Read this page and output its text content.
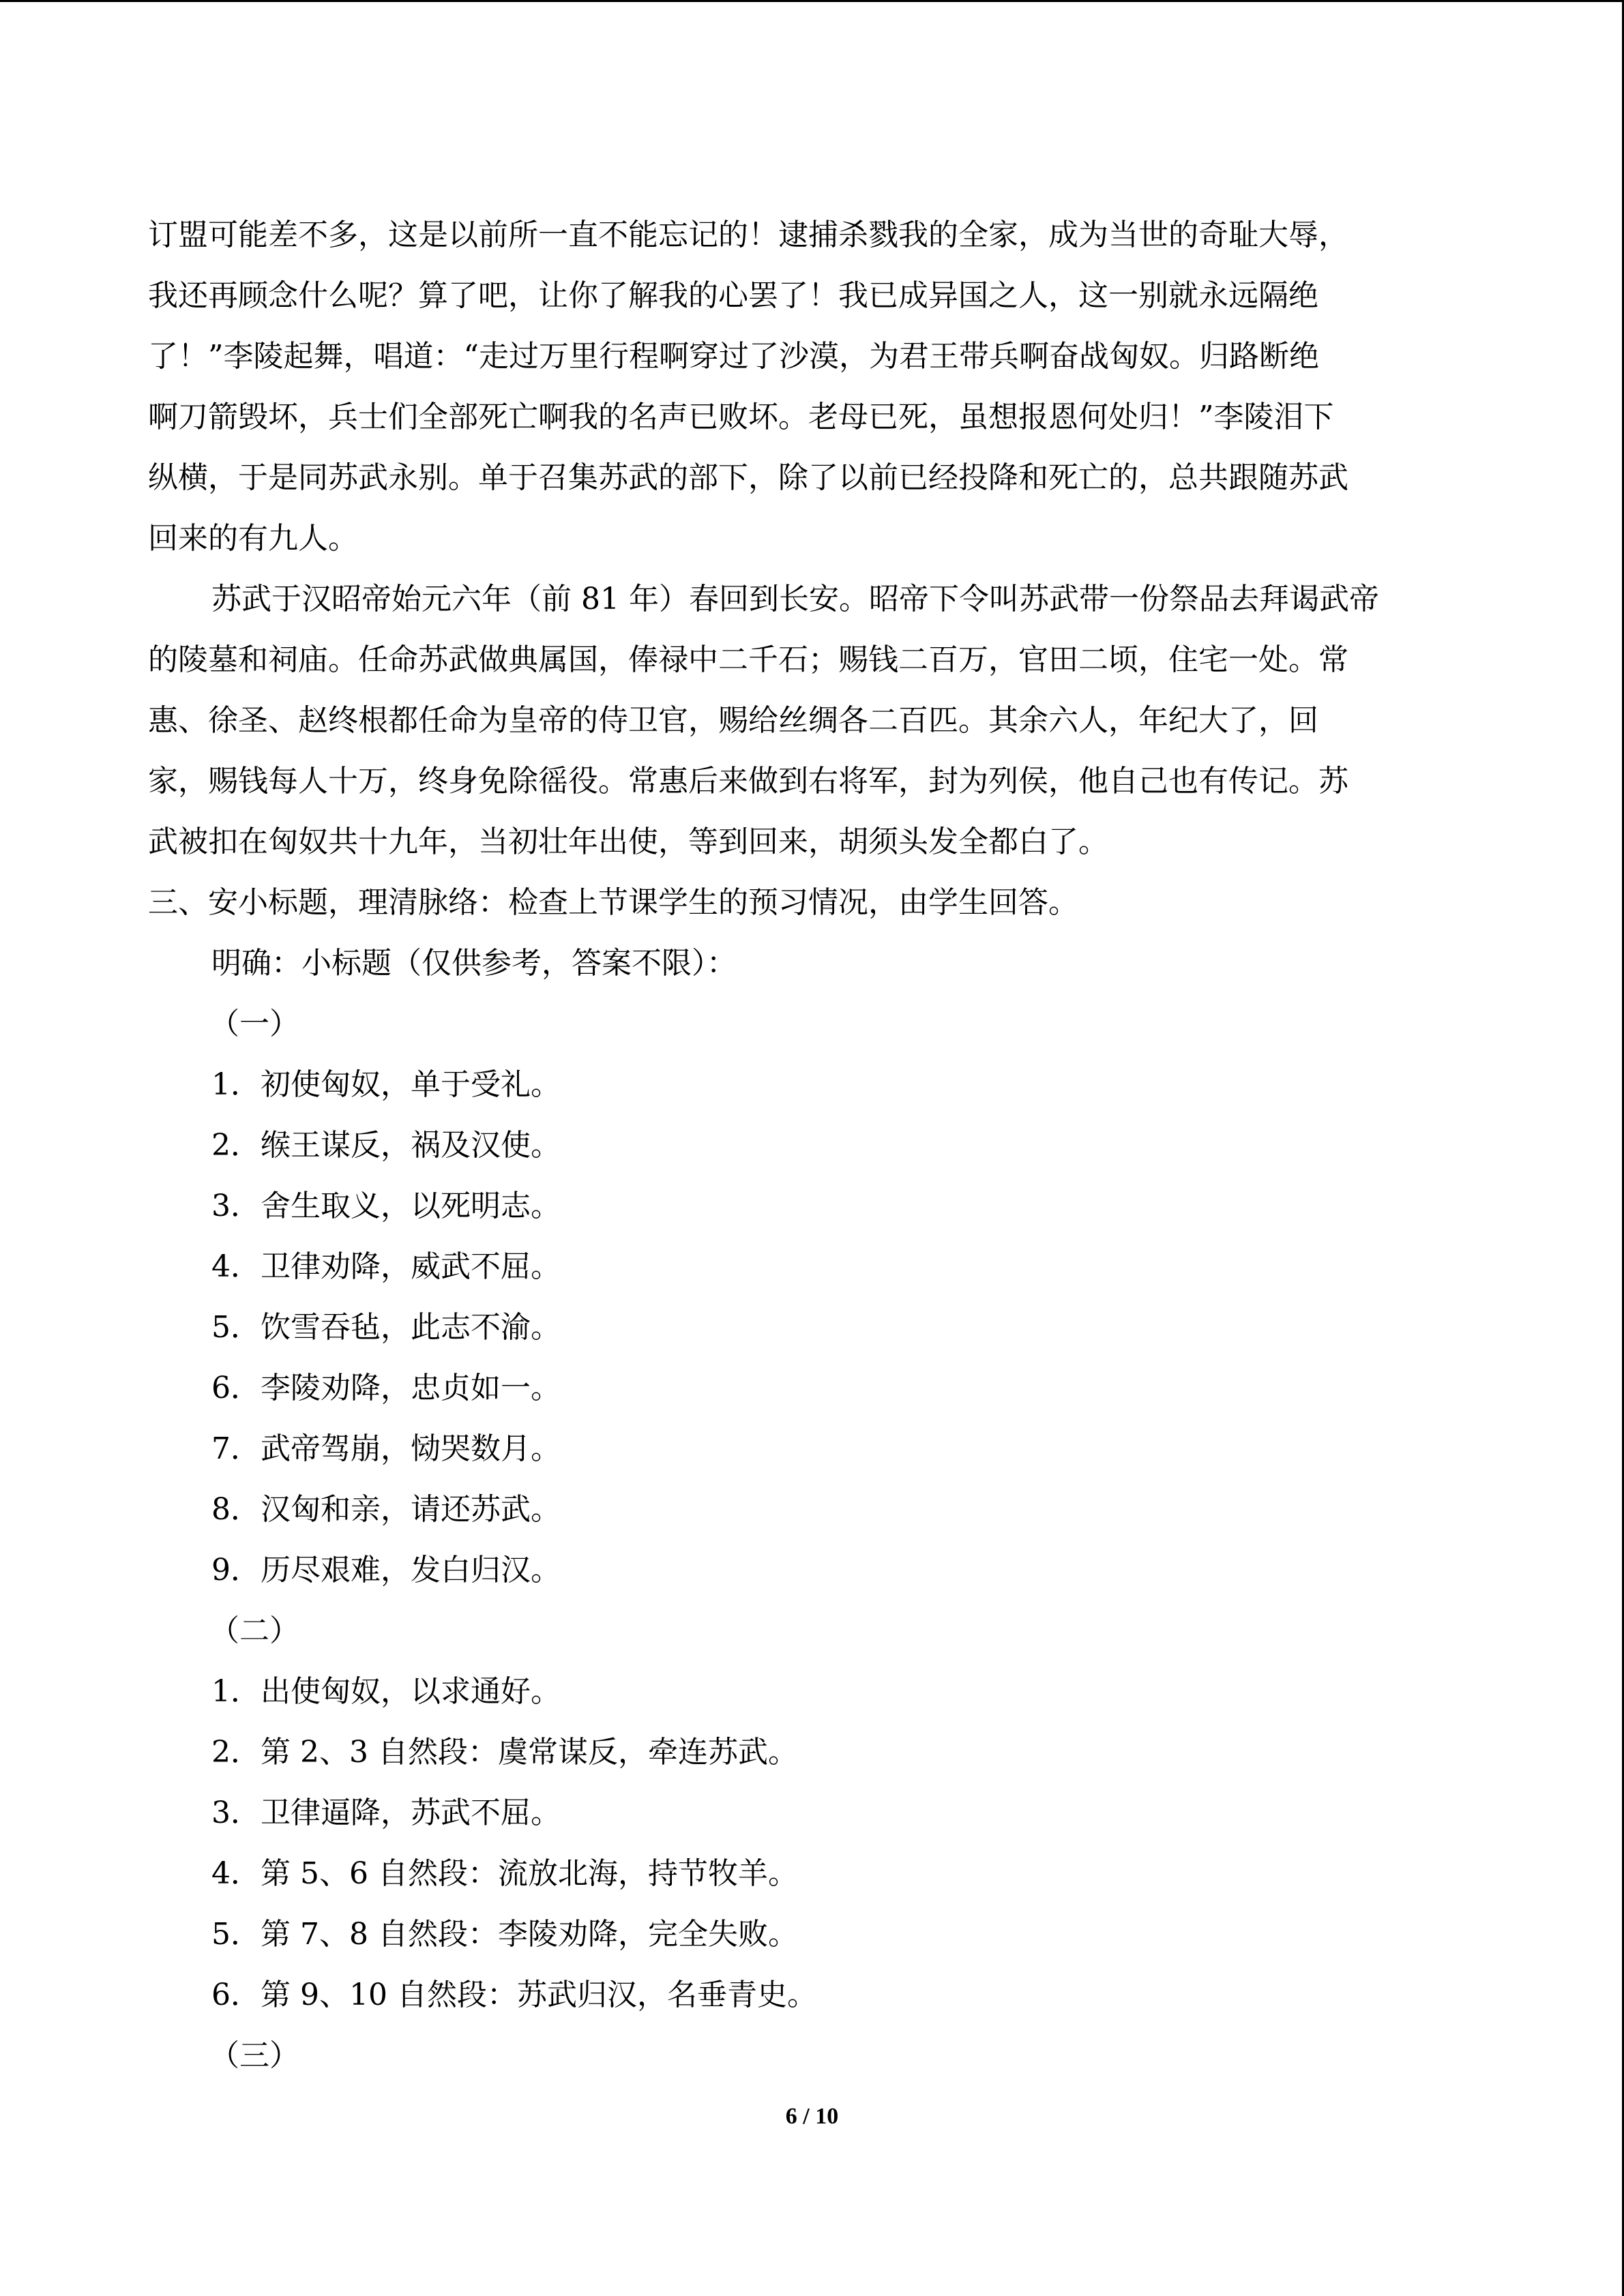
订盟可能差不多，这是以前所一直不能忘记的！逮捕杀戮我的全家，成为当世的奇耻大辱，
我还再顾念什么呢？算了吧，让你了解我的心罢了！我已成异国之人，这一别就永远隔绝
了！”李陵起舞，唱道：“走过万里行程啊穿过了沙漠，为君王带兵啊奋战匈奴。归路断绝
啊刀箭毁坏，兵士们全部死亡啊我的名声已败坏。老母已死，虽想报恩何处归！”李陵泪下
纵横，于是同苏武永别。单于召集苏武的部下，除了以前已经投降和死亡的，总共跟随苏武
回来的有九人。
苏武于汉昭帝始元六年（前 81 年）春回到长安。昭帝下令叫苏武带一份祭品去拜谒武帝
的陵墓和祠庙。任命苏武做典属国，俸禄中二千石；赐钱二百万，官田二顷，住宅一处。常
惠、徐圣、赵终根都任命为皇帝的侍卫官，赐给丝绸各二百匹。其余六人，年纪大了，回
家，赐钱每人十万，终身免除徭役。常惠后来做到右将军，封为列侯，他自己也有传记。苏
武被扣在匈奴共十九年，当初壮年出使，等到回来，胡须头发全都白了。
三、安小标题，理清脉络：检查上节课学生的预习情况，由学生回答。
明确：小标题（仅供参考，答案不限）：
（一）
1．初使匈奴，单于受礼。
2．缑王谋反，祸及汉使。
3．舍生取义，以死明志。
4．卫律劝降，威武不屈。
5．饮雪吞毡，此志不渝。
6．李陵劝降，忠贞如一。
7．武帝驾崩，恸哭数月。
8．汉匈和亲，请还苏武。
9．历尽艰难，发白归汉。
（二）
1．出使匈奴，以求通好。
2．第 2、3 自然段：虞常谋反，牵连苏武。
3．卫律逼降，苏武不屈。
4．第 5、6 自然段：流放北海，持节牧羊。
5．第 7、8 自然段：李陵劝降，完全失败。
6．第 9、10 自然段：苏武归汉，名垂青史。
（三）
6 / 10
